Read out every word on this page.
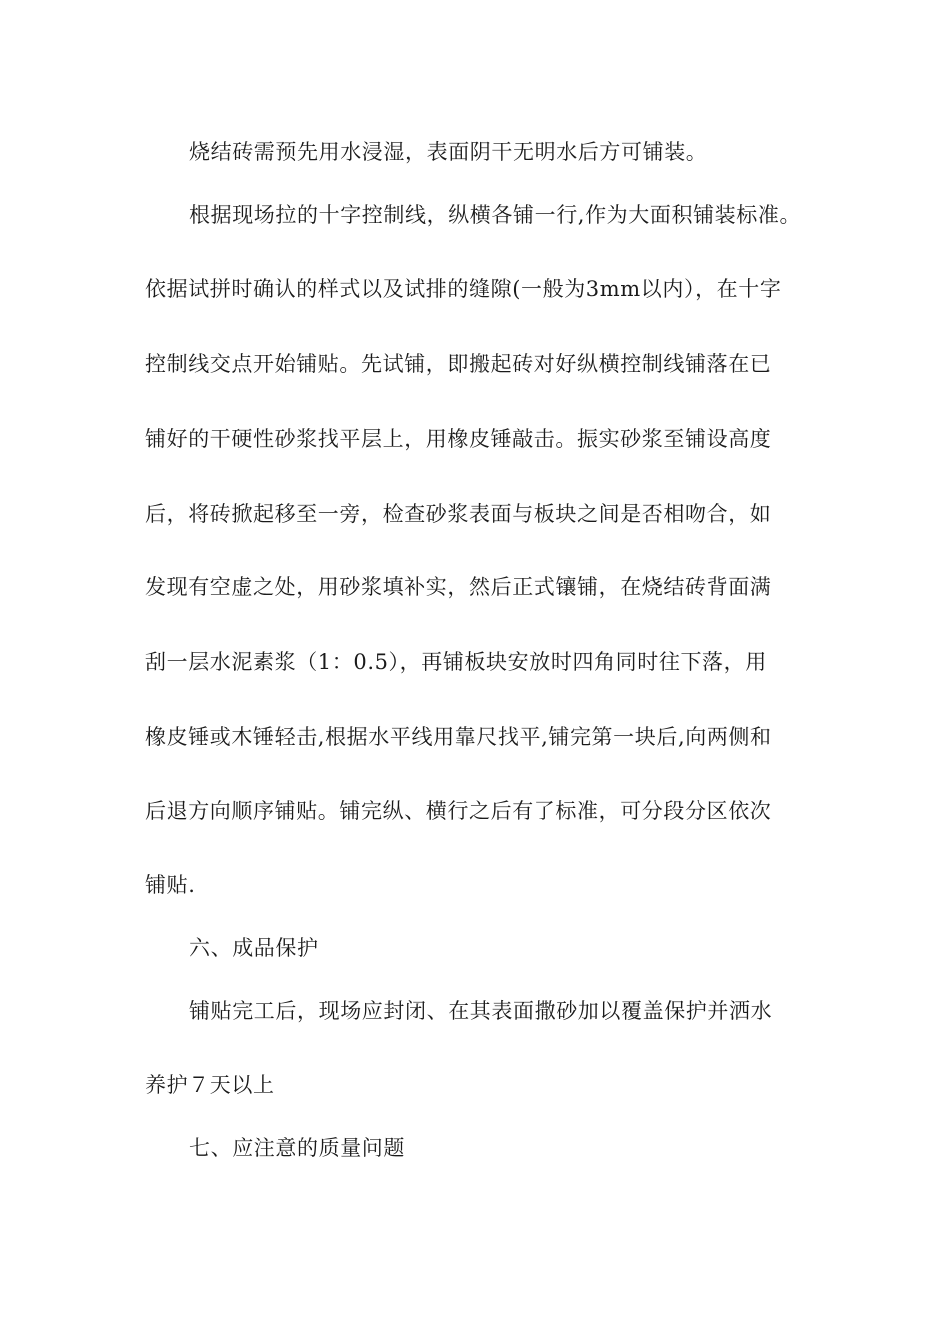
烧结砖需预先用水浸湿，表面阴干无明水后方可铺装。
根据现场拉的十字控制线，纵横各铺一行,作为大面积铺装标准。
依据试拼时确认的样式以及试排的缝隙(一般为3mm以内），在十字
控制线交点开始铺贴。先试铺，即搬起砖对好纵横控制线铺落在已
铺好的干硬性砂浆找平层上，用橡皮锤敲击。振实砂浆至铺设高度
后，将砖掀起移至一旁，检查砂浆表面与板块之间是否相吻合，如
发现有空虚之处，用砂浆填补实，然后正式镶铺，在烧结砖背面满
刮一层水泥素浆（1：0.5），再铺板块安放时四角同时往下落，用
橡皮锤或木锤轻击,根据水平线用靠尺找平,铺完第一块后,向两侧和
后退方向顺序铺贴。铺完纵、横行之后有了标准，可分段分区依次
铺贴.
六、成品保护
铺贴完工后，现场应封闭、在其表面撒砂加以覆盖保护并洒水
养护７天以上
七、应注意的质量问题
